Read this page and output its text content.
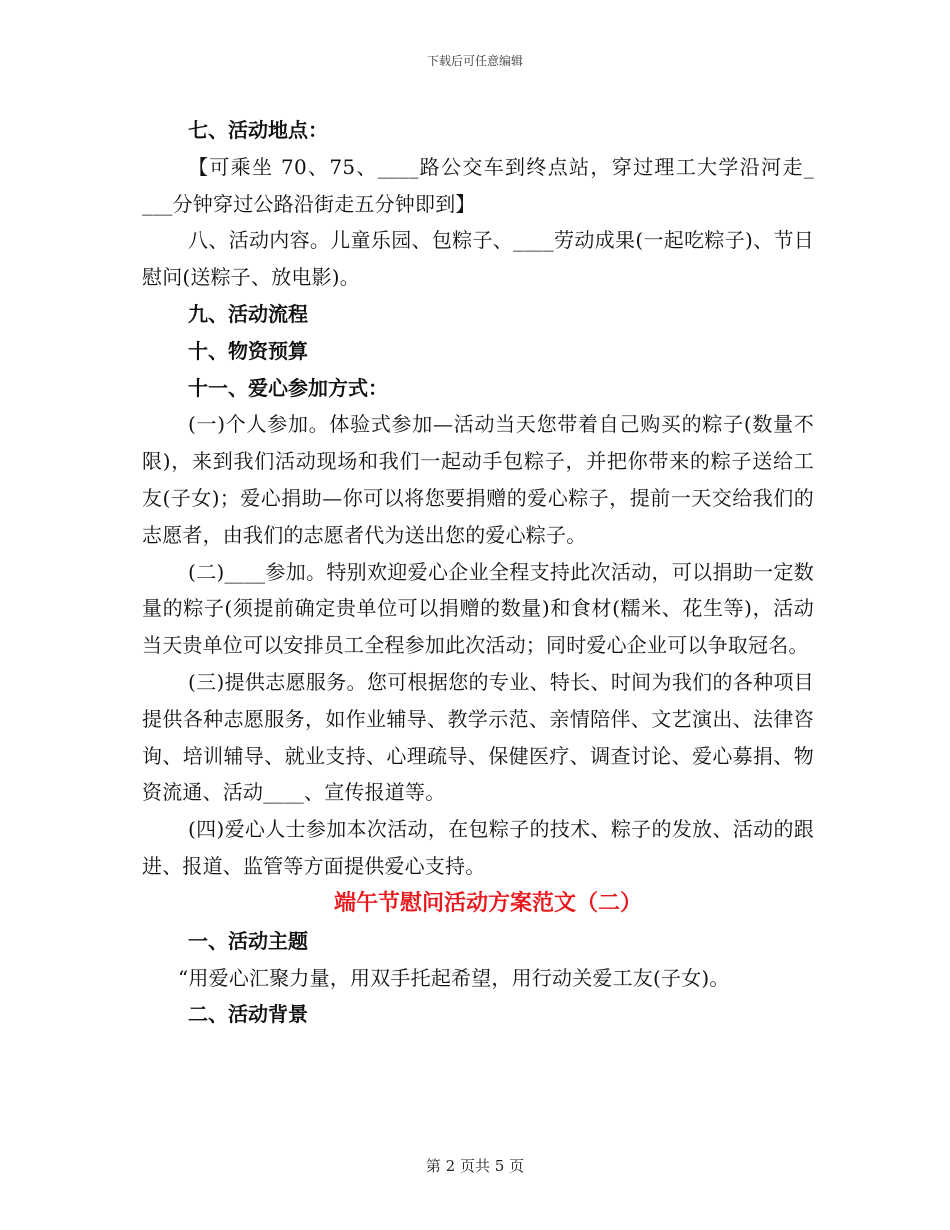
下载后可任意编辑

七、活动地点：

【可乘坐 70、75、____路公交车到终点站，穿过理工大学沿河走_ ___分钟穿过公路沿街走五分钟即到】

八、活动内容。儿童乐园、包粽子、____劳动成果(一起吃粽子)、节日慰问(送粽子、放电影)。

九、活动流程

十、物资预算

十一、爱心参加方式：

(一)个人参加。体验式参加—活动当天您带着自己购买的粽子(数量不限)，来到我们活动现场和我们一起动手包粽子，并把你带来的粽子送给工友(子女)；爱心捐助—你可以将您要捐赠的爱心粽子，提前一天交给我们的志愿者，由我们的志愿者代为送出您的爱心粽子。

(二)____参加。特别欢迎爱心企业全程支持此次活动，可以捐助一定数量的粽子(须提前确定贵单位可以捐赠的数量)和食材(糯米、花生等)，活动当天贵单位可以安排员工全程参加此次活动；同时爱心企业可以争取冠名。

(三)提供志愿服务。您可根据您的专业、特长、时间为我们的各种项目提供各种志愿服务，如作业辅导、教学示范、亲情陪伴、文艺演出、法律咨询、培训辅导、就业支持、心理疏导、保健医疗、调查讨论、爱心募捐、物资流通、活动____、宣传报道等。

(四)爱心人士参加本次活动，在包粽子的技术、粽子的发放、活动的跟进、报道、监管等方面提供爱心支持。

端午节慰问活动方案范文（二）

一、活动主题

“用爱心汇聚力量，用双手托起希望，用行动关爱工友(子女)。

二、活动背景

第 2 页共 5 页
